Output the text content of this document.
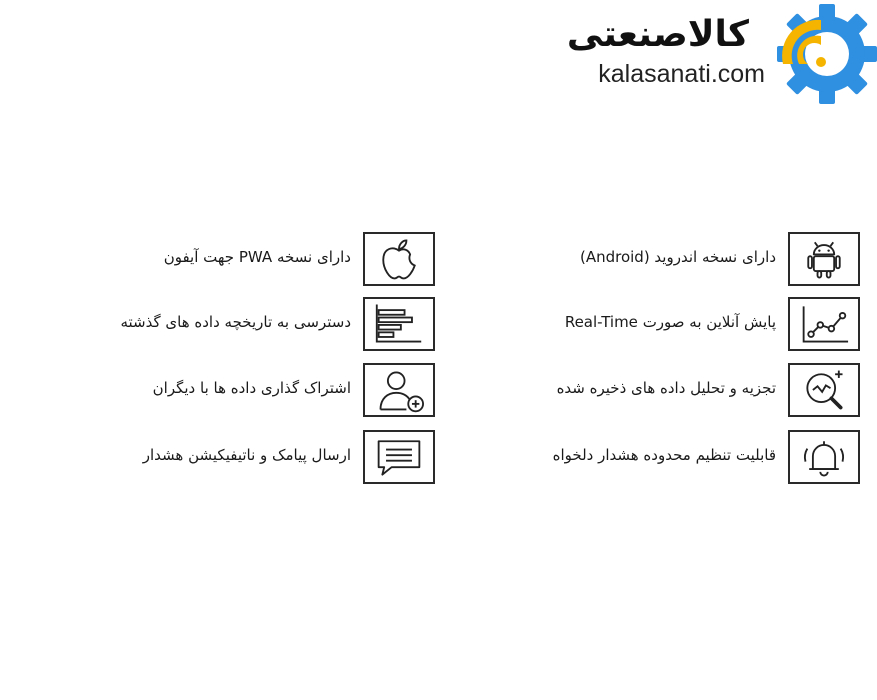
کالاصنعتی
kalasanati.com
دارای نسخه اندروید (Android)
پایش آنلاین به صورت Real-Time
تجزیه و تحلیل داده های ذخیره شده
قابلیت تنظیم محدوده هشدار دلخواه
دارای نسخه PWA جهت آیفون
دسترسی به تاریخچه داده های گذشته
اشتراک گذاری داده ها با دیگران
ارسال پیامک و ناتیفیکیشن هشدار
